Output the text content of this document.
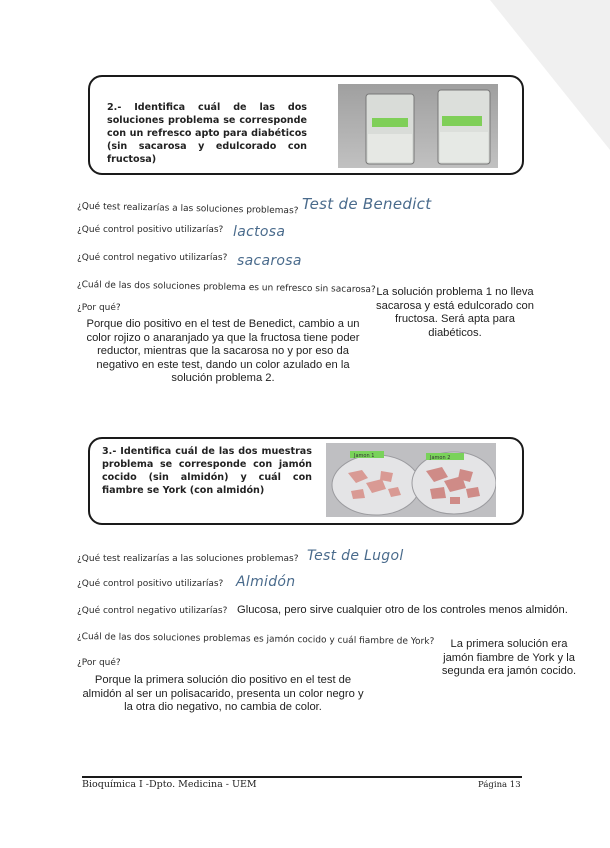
2.- Identifica cuál de las dos soluciones problema se corresponde con un refresco apto para diabéticos (sin sacarosa y edulcorado con fructosa)
¿Qué test realizarías a las soluciones problemas? Test de Benedict
¿Qué control positivo utilizarías? lactosa
¿Qué control negativo utilizarías? sacarosa
¿Cuál de las dos soluciones problema es un refresco sin sacarosa? La solución problema 1 no lleva sacarosa y está edulcorado con fructosa. Será apta para diabéticos.
¿Por qué?
Porque dio positivo en el test de Benedict, cambio a un color rojizo o anaranjado ya que la fructosa tiene poder reductor, mientras que la sacarosa no y por eso da negativo en este test, dando un color azulado en la solución problema 2.
3.- Identifica cuál de las dos muestras problema se corresponde con jamón cocido (sin almidón) y cuál con fiambre se York (con almidón)
Jamon 1	Jamon 2
¿Qué test realizarías a las soluciones problemas? Test de Lugol
¿Qué control positivo utilizarías? Almidón
¿Qué control negativo utilizarías? Glucosa, pero sirve cualquier otro de los controles menos almidón.
¿Cuál de las dos soluciones problemas es jamón cocido y cuál fiambre de York?	La primera solución era jamón fiambre de York y la segunda era jamón cocido.
¿Por qué?
Porque la primera solución dio positivo en el test de almidón al ser un polisacarido, presenta un color negro y la otra dio negativo, no cambia de color.
Bioquímica I -Dpto. Medicina - UEM	Página 13
